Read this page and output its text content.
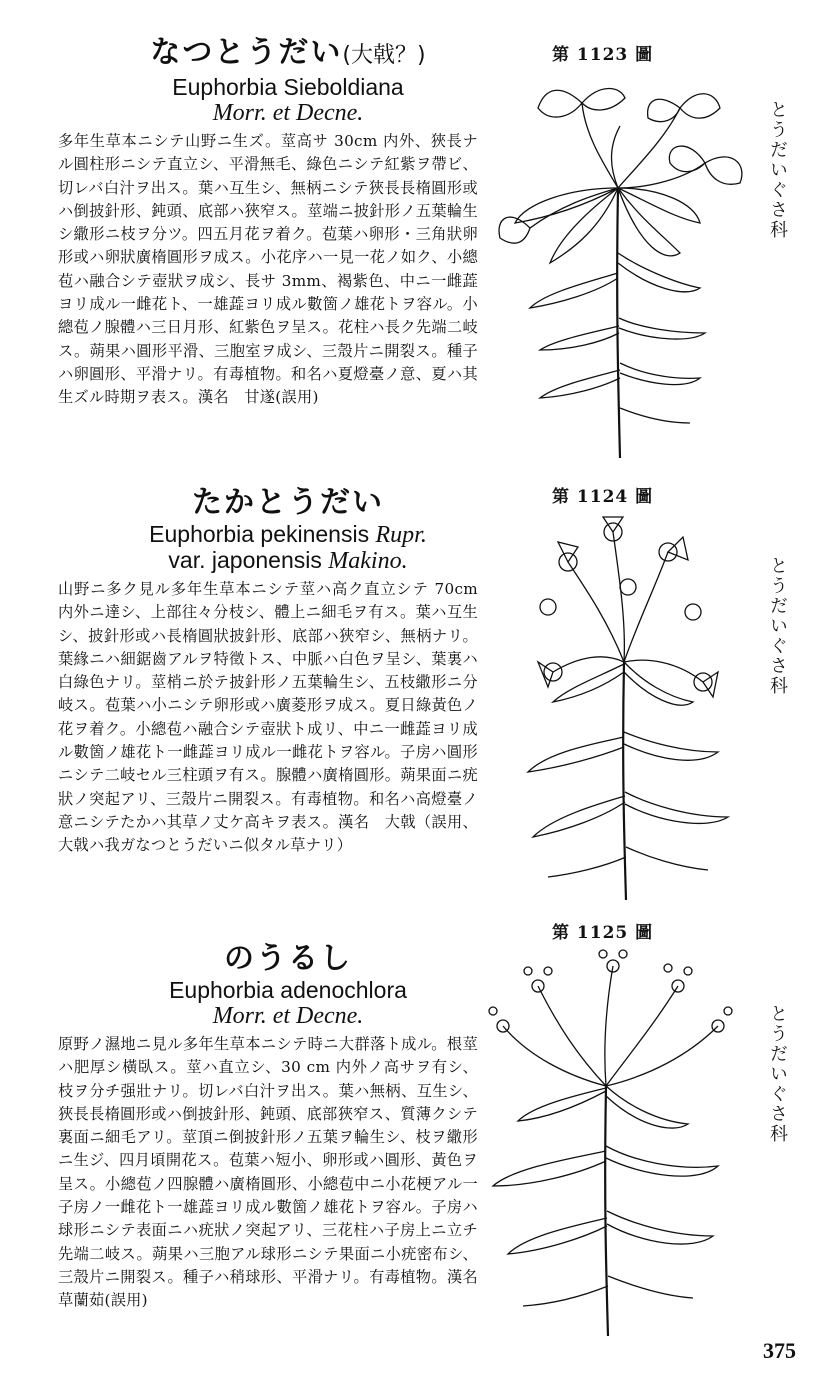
なつとうだい(大戟？)
Euphorbia Sieboldiana
Morr. et Decne.
多年生草本ニシテ山野ニ生ズ。莖高サ 30cm 内外、狹長ナル圓柱形ニシテ直立シ、平滑無毛、綠色ニシテ紅紫ヲ帶ビ、切レバ白汁ヲ出ス。葉ハ互生シ、無柄ニシテ狹長長楕圓形或ハ倒披針形、鈍頭、底部ハ狹窄ス。莖端ニ披針形ノ五葉輪生シ繖形ニ枝ヲ分ツ。四五月花ヲ着ク。苞葉ハ卵形・三角狀卵形或ハ卵狀廣楕圓形ヲ成ス。小花序ハ一見一花ノ如ク、小總苞ハ融合シテ壺狀ヲ成シ、長サ 3mm、褐紫色、中ニ一雌蕋ヨリ成ル一雌花ト、一雄蕋ヨリ成ル數箇ノ雄花トヲ容ル。小總苞ノ腺體ハ三日月形、紅紫色ヲ呈ス。花柱ハ長ク先端二岐ス。蒴果ハ圓形平滑、三胞室ヲ成シ、三殼片ニ開裂ス。種子ハ卵圓形、平滑ナリ。有毒植物。和名ハ夏燈臺ノ意、夏ハ其生ズル時期ヲ表ス。漢名　甘遂(誤用)
たかとうだい
Euphorbia pekinensis Rupr.
var. japonensis Makino.
山野ニ多ク見ル多年生草本ニシテ莖ハ高ク直立シテ 70cm 内外ニ達シ、上部往々分枝シ、體上ニ細毛ヲ有ス。葉ハ互生シ、披針形或ハ長楕圓狀披針形、底部ハ狹窄シ、無柄ナリ。葉緣ニハ細鋸齒アルヲ特徵トス、中脈ハ白色ヲ呈シ、葉裏ハ白綠色ナリ。莖梢ニ於テ披針形ノ五葉輪生シ、五枝繖形ニ分岐ス。苞葉ハ小ニシテ卵形或ハ廣菱形ヲ成ス。夏日綠黃色ノ花ヲ着ク。小總苞ハ融合シテ壺狀ト成リ、中ニ一雌蕋ヨリ成ル數箇ノ雄花ト一雌蕋ヨリ成ル一雌花トヲ容ル。子房ハ圓形ニシテ二岐セル三柱頭ヲ有ス。腺體ハ廣楕圓形。蒴果面ニ疣狀ノ突起アリ、三殼片ニ開裂ス。有毒植物。和名ハ高燈臺ノ意ニシテたかハ其草ノ丈ケ高キヲ表ス。漢名　大戟（誤用、大戟ハ我ガなつとうだいニ似タル草ナリ）
のうるし
Euphorbia adenochlora
Morr. et Decne.
原野ノ濕地ニ見ル多年生草本ニシテ時ニ大群落ト成ル。根莖ハ肥厚シ橫臥ス。莖ハ直立シ、30 cm 内外ノ高サヲ有シ、枝ヲ分チ强壯ナリ。切レバ白汁ヲ出ス。葉ハ無柄、互生シ、狹長長楕圓形或ハ倒披針形、鈍頭、底部狹窄ス、質薄クシテ裏面ニ細毛アリ。莖頂ニ倒披針形ノ五葉ヲ輪生シ、枝ヲ繖形ニ生ジ、四月頃開花ス。苞葉ハ短小、卵形或ハ圓形、黃色ヲ呈ス。小總苞ノ四腺體ハ廣楕圓形、小總苞中ニ小花梗アル一子房ノ一雌花ト一雄蕋ヨリ成ル數箇ノ雄花トヲ容ル。子房ハ球形ニシテ表面ニハ疣狀ノ突起アリ、三花柱ハ子房上ニ立チ先端二岐ス。蒴果ハ三胞アル球形ニシテ果面ニ小疣密布シ、三殼片ニ開裂ス。種子ハ稍球形、平滑ナリ。有毒植物。漢名　草蘭茹(誤用)
第 1123 圖
第 1124 圖
第 1125 圖
とうだいぐさ科
とうだいぐさ科
とうだいぐさ科
375
